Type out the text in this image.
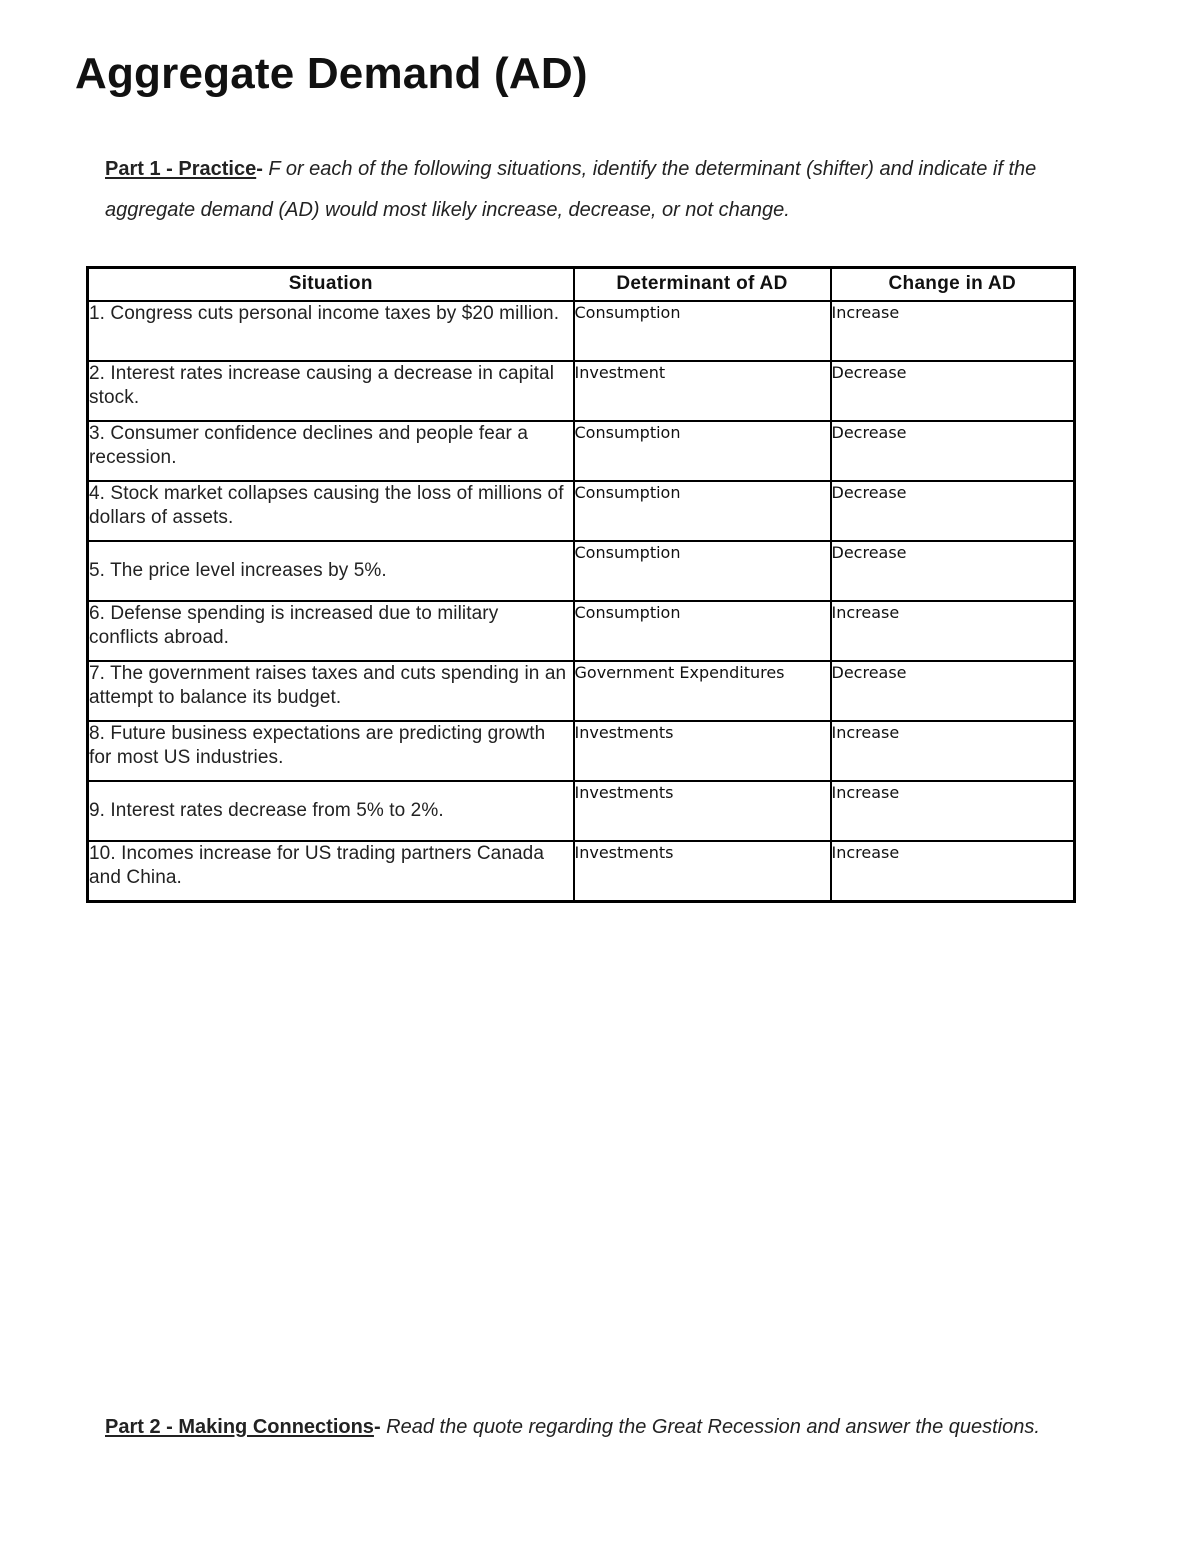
Aggregate Demand (AD)

Part 1 - Practice- F or each of the following situations, identify the determinant (shifter) and indicate if the aggregate demand (AD) would most likely increase, decrease, or not change.

Situation	Determinant of AD	Change in AD
1. Congress cuts personal income taxes by $20 million.	Consumption	Increase
2. Interest rates increase causing a decrease in capital stock.	Investment	Decrease
3. Consumer confidence declines and people fear a recession.	Consumption	Decrease
4. Stock market collapses causing the loss of millions of dollars of assets.	Consumption	Decrease
5. The price level increases by 5%.	Consumption	Decrease
6. Defense spending is increased due to military conflicts abroad.	Consumption	Increase
7. The government raises taxes and cuts spending in an attempt to balance its budget.	Government Expenditures	Decrease
8. Future business expectations are predicting growth for most US industries.	Investments	Increase
9. Interest rates decrease from 5% to 2%.	Investments	Increase
10. Incomes increase for US trading partners Canada and China.	Investments	Increase

Part 2 - Making Connections- Read the quote regarding the Great Recession and answer the questions.
